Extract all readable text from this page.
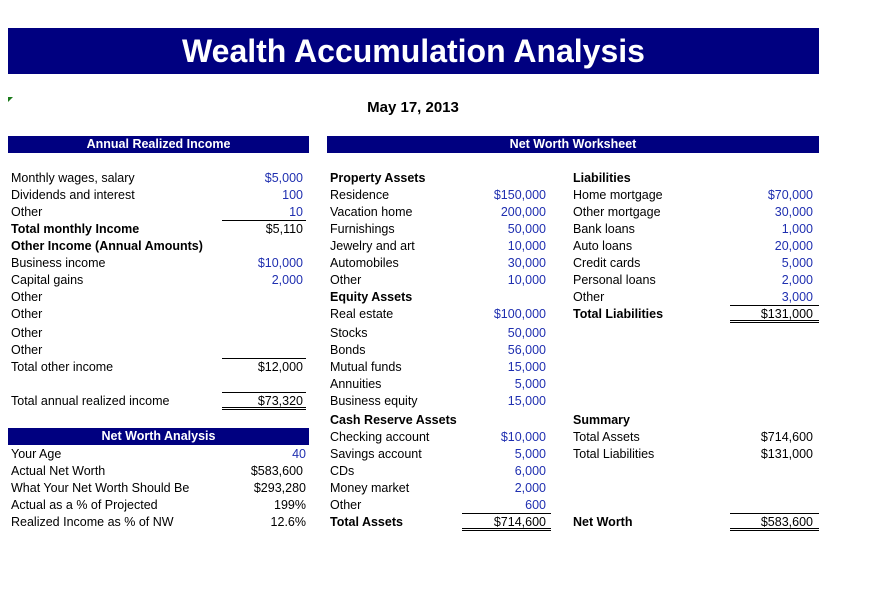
Wealth Accumulation Analysis
May 17, 2013
Annual Realized Income
Monthly wages, salary	$5,000
Dividends and interest	100
Other	10
Total monthly Income	$5,110
Other Income (Annual Amounts)
Business income	$10,000
Capital gains	2,000
Other
Other
Other
Other
Total other income	$12,000
Total annual realized income	$73,320
Net Worth Analysis
Your Age	40
Actual Net Worth	$583,600
What Your Net Worth Should Be	$293,280
Actual as a % of Projected	199%
Realized Income as % of NW	12.6%
Net Worth Worksheet
Property Assets
Residence	$150,000
Vacation home	200,000
Furnishings	50,000
Jewelry and art	10,000
Automobiles	30,000
Other	10,000
Equity Assets
Real estate	$100,000
Stocks	50,000
Bonds	56,000
Mutual funds	15,000
Annuities	5,000
Business equity	15,000
Cash Reserve Assets
Checking account	$10,000
Savings account	5,000
CDs	6,000
Money market	2,000
Other	600
Total Assets	$714,600
Liabilities
Home mortgage	$70,000
Other mortgage	30,000
Bank loans	1,000
Auto loans	20,000
Credit cards	5,000
Personal loans	2,000
Other	3,000
Total Liabilities	$131,000
Summary
Total Assets	$714,600
Total Liabilities	$131,000
Net Worth	$583,600
